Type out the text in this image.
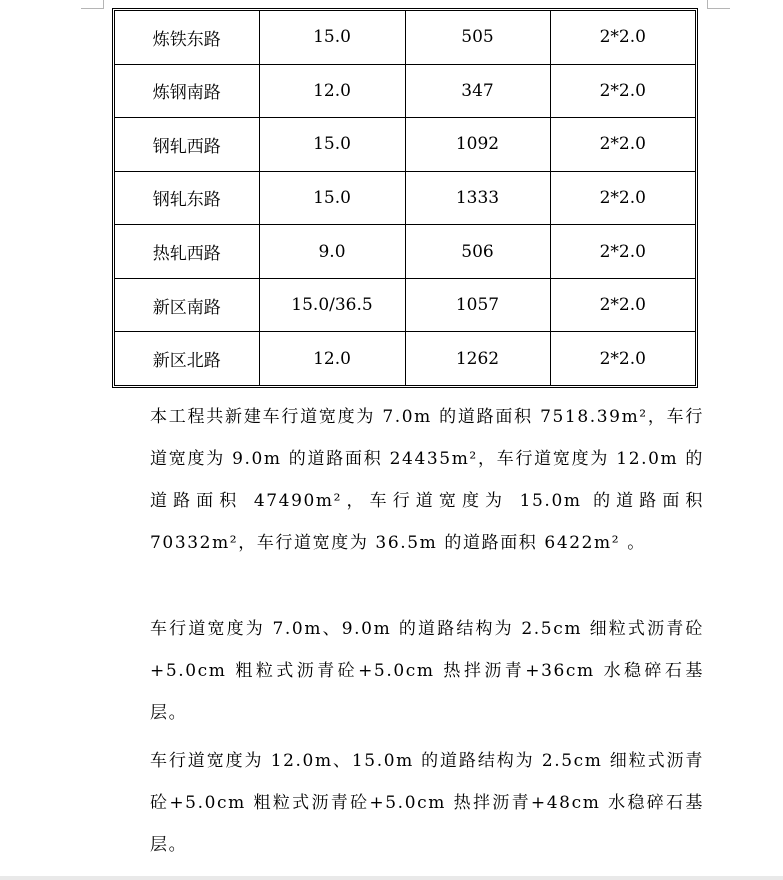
炼铁东路	15.0	505	2*2.0
炼钢南路	12.0	347	2*2.0
钢轧西路	15.0	1092	2*2.0
钢轧东路	15.0	1333	2*2.0
热轧西路	9.0	506	2*2.0
新区南路	15.0/36.5	1057	2*2.0
新区北路	12.0	1262	2*2.0

本工程共新建车行道宽度为 7.0m 的道路面积 7518.39m²，车行道宽度为 9.0m 的道路面积 24435m²，车行道宽度为 12.0m 的道路面积 47490m²，车行道宽度为 15.0m 的道路面积 70332m²，车行道宽度为 36.5m 的道路面积 6422m² 。

车行道宽度为 7.0m、9.0m 的道路结构为 2.5cm 细粒式沥青砼+5.0cm 粗粒式沥青砼+5.0cm 热拌沥青+36cm 水稳碎石基层。

车行道宽度为 12.0m、15.0m 的道路结构为 2.5cm 细粒式沥青砼+5.0cm 粗粒式沥青砼+5.0cm 热拌沥青+48cm 水稳碎石基层。
